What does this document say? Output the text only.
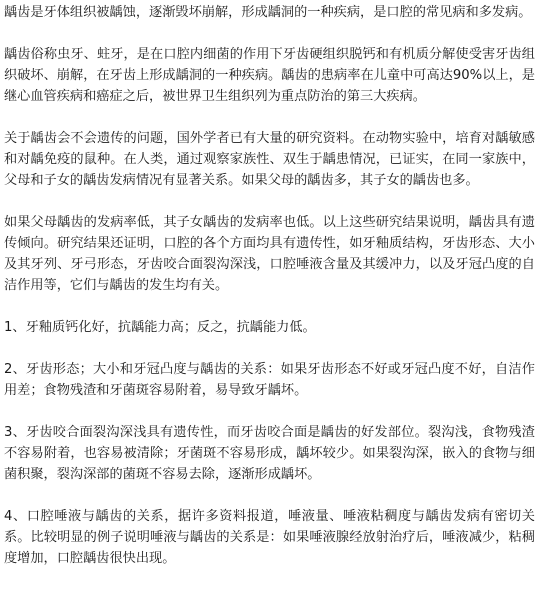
龋齿是牙体组织被龋蚀，逐渐毁坏崩解，形成龋洞的一种疾病，是口腔的常见病和多发病。

龋齿俗称虫牙、蛀牙，是在口腔内细菌的作用下牙齿硬组织脱钙和有机质分解使受害牙齿组织破坏、崩解，在牙齿上形成龋洞的一种疾病。龋齿的患病率在儿童中可高达90%以上，是继心血管疾病和癌症之后，被世界卫生组织列为重点防治的第三大疾病。

关于龋齿会不会遗传的问题，国外学者已有大量的研究资料。在动物实验中，培育对龋敏感和对龋免疫的鼠种。在人类，通过观察家族性、双生于龋患情况，已证实，在同一家族中，父母和子女的龋齿发病情况有显著关系。如果父母的龋齿多，其子女的龋齿也多。

如果父母龋齿的发病率低，其子女龋齿的发病率也低。以上这些研究结果说明，龋齿具有遗传倾向。研究结果还证明，口腔的各个方面均具有遗传性，如牙釉质结构，牙齿形态、大小及其牙列、牙弓形态，牙齿咬合面裂沟深浅，口腔唾液含量及其缓冲力，以及牙冠凸度的自洁作用等，它们与龋齿的发生均有关。

1、牙釉质钙化好，抗龋能力高；反之，抗龋能力低。

2、牙齿形态；大小和牙冠凸度与龋齿的关系：如果牙齿形态不好或牙冠凸度不好，自洁作用差；食物残渣和牙菌斑容易附着，易导致牙龋坏。

3、牙齿咬合面裂沟深浅具有遗传性，而牙齿咬合面是龋齿的好发部位。裂沟浅，食物残渣不容易附着，也容易被清除；牙菌斑不容易形成，龋坏较少。如果裂沟深，嵌入的食物与细菌积聚，裂沟深部的菌斑不容易去除，逐渐形成龋坏。

4、口腔唾液与龋齿的关系，据许多资料报道，唾液量、唾液粘稠度与龋齿发病有密切关系。比较明显的例子说明唾液与龋齿的关系是：如果唾液腺经放射治疗后，唾液减少，粘稠度增加，口腔龋齿很快出现。
